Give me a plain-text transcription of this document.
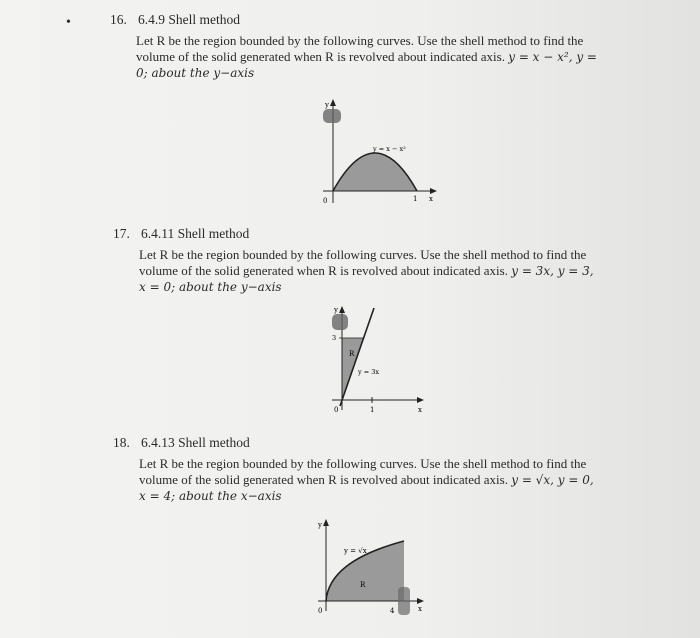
•	16. 6.4.9 Shell method
Let R be the region bounded by the following curves. Use the shell method to find the volume of the solid generated when R is revolved about indicated axis. y = x − x², y = 0; about the y−axis
y
x
0	1
y = x − x²
17. 6.4.11 Shell method
Let R be the region bounded by the following curves. Use the shell method to find the volume of the solid generated when R is revolved about indicated axis. y = 3x, y = 3, x = 0; about the y−axis
y
3
x
0	1
R
y = 3x
18. 6.4.13 Shell method
Let R be the region bounded by the following curves. Use the shell method to find the volume of the solid generated when R is revolved about indicated axis. y = √x, y = 0, x = 4; about the x−axis
y
x
0	4
R
y = √x
